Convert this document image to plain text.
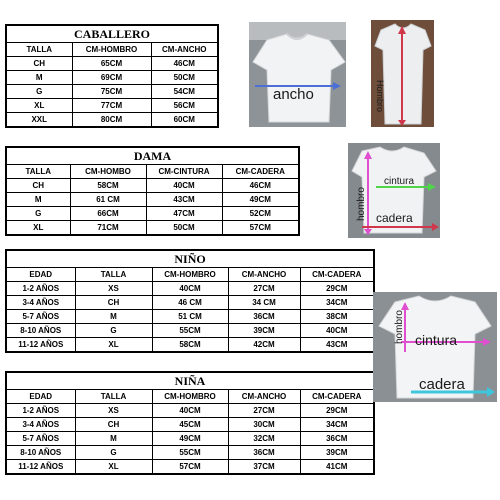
CABALLERO		
TALLA	CM-HOMBRO	CM-ANCHO
CH	65CM	46CM
M	69CM	50CM
G	75CM	54CM
XL	77CM	56CM
XXL	80CM	60CM
DAMA			
TALLA	CM-HOMBO	CM-CINTURA	CM-CADERA
CH	58CM	40CM	46CM
M	61 CM	43CM	49CM
G	66CM	47CM	52CM
XL	71CM	50CM	57CM
NIÑO				
EDAD	TALLA	CM-HOMBRO	CM-ANCHO	CM-CADERA
1-2 AÑOS	XS	40CM	27CM	29CM
3-4 AÑOS	CH	46 CM	34 CM	34CM
5-7 AÑOS	M	51 CM	36CM	38CM
8-10 AÑOS	G	55CM	39CM	40CM
11-12 AÑOS	XL	58CM	42CM	43CM
NIÑA				
EDAD	TALLA	CM-HOMBRO	CM-ANCHO	CM-CADERA
1-2 AÑOS	XS	40CM	27CM	29CM
3-4 AÑOS	CH	45CM	30CM	34CM
5-7 AÑOS	M	49CM	32CM	36CM
8-10 AÑOS	G	55CM	36CM	39CM
11-12 AÑOS	XL	57CM	37CM	41CM
ancho	Hombro
hombro
cintura
cadera
hombro cintura
cadera
